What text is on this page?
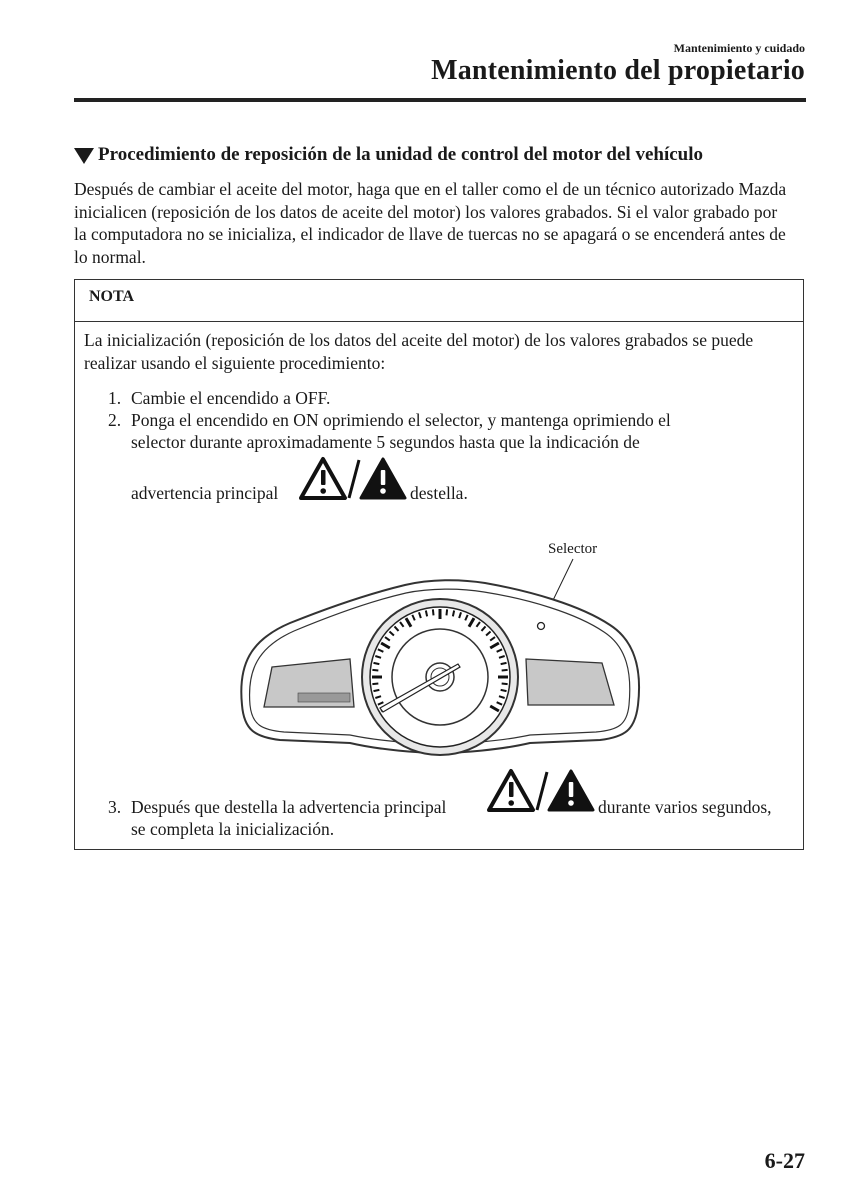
Mantenimiento y cuidado
Mantenimiento del propietario
Procedimiento de reposición de la unidad de control del motor del vehículo
Después de cambiar el aceite del motor, haga que en el taller como el de un técnico autorizado Mazda inicialicen (reposición de los datos de aceite del motor) los valores grabados. Si el valor grabado por la computadora no se inicializa, el indicador de llave de tuercas no se apagará o se encenderá antes de lo normal.
NOTA
La inicialización (reposición de los datos del aceite del motor) de los valores grabados se puede realizar usando el siguiente procedimiento:
1. Cambie el encendido a OFF.
2. Ponga el encendido en ON oprimiendo el selector, y mantenga oprimiendo el
selector durante aproximadamente 5 segundos hasta que la indicación de
advertencia principal	destella.
Selector
3. Después que destella la advertencia principal	durante varios segundos,
se completa la inicialización.
6-27
